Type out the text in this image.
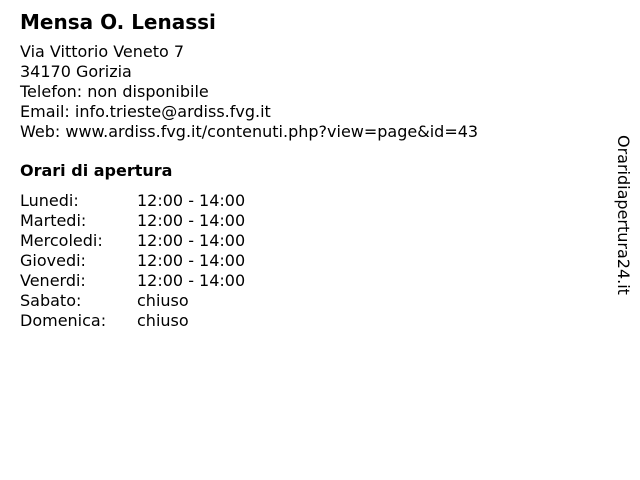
Mensa O. Lenassi
Via Vittorio Veneto 7
34170 Gorizia
Telefon: non disponibile
Email: info.trieste@ardiss.fvg.it
Web: www.ardiss.fvg.it/contenuti.php?view=page&id=43
Orari di apertura
Lunedi:	12:00 - 14:00
Martedi:	12:00 - 14:00
Mercoledi:	12:00 - 14:00
Giovedi:	12:00 - 14:00
Venerdi:	12:00 - 14:00
Sabato:	chiuso
Domenica:	chiuso
Oraridiapertura24.it
